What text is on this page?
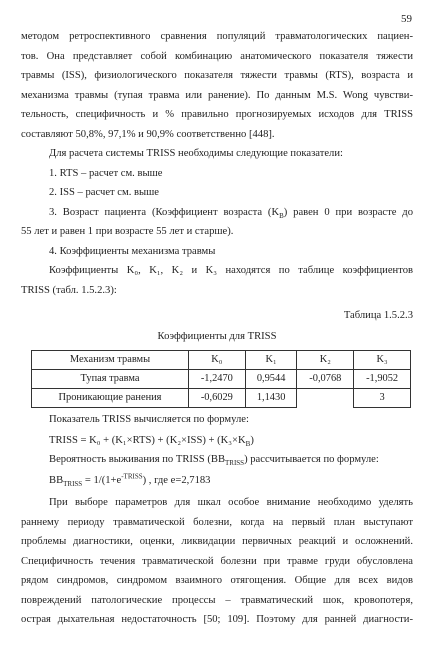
59

методом ретроспективного сравнения популяций травматологических пациен-

тов. Она представляет собой комбинацию анатомического показателя тяжести

травмы (ISS), физиологического показателя тяжести травмы (RTS), возраста и

механизма травмы (тупая травма или ранение). По данным M.S. Wong чувстви-

тельность, специфичность и % правильно прогнозируемых исходов для TRISS

составляют 50,8%, 97,1% и 90,9% соответственно [448].

Для расчета системы TRISS необходимы следующие показатели:

1. RTS – расчет см. выше

2. ISS – расчет см. выше

3. Возраст пациента (Коэффициент возраста $(K_B)$ равен 0 при возрасте до

55 лет и равен 1 при возрасте 55 лет и старше).

4. Коэффициенты механизма травмы

Коэффициенты K₀, K₁, K₂ и K₃ находятся по таблице коэффициентов

TRISS (табл. 1.5.2.3):

Таблица 1.5.2.3

Коэффициенты для TRISS

Механизм травмы	K₀	K₁	K₂	K₃
Тупая травма	-1,2470	0,9544	-0,0768	-1,9052
Проникающие ранения	-0,6029	1,1430		3

Показатель TRISS вычисляется по формуле:

TRISS = $K_0 + (K_1\times RTS) + (K_2\times ISS) + (K_3\times K_B)$

Вероятность выживания по TRISS $(BB_{TRISS})$ рассчитывается по формуле:

$BB_{TRISS} = 1/(1+e^{-TRISS})$ , где e=2,7183

При выборе параметров для шкал особое внимание необходимо уделять

раннему периоду травматической болезни, когда на первый план выступают

проблемы диагностики, оценки, ликвидации первичных реакций и осложнений.

Специфичность течения травматической болезни при травме груди обусловлена

рядом синдромов, синдромом взаимного отягощения. Общие для всех видов

повреждений патологические процессы – травматический шок, кровопотеря,

острая дыхательная недостаточность [50; 109]. Поэтому для ранней диагности-
